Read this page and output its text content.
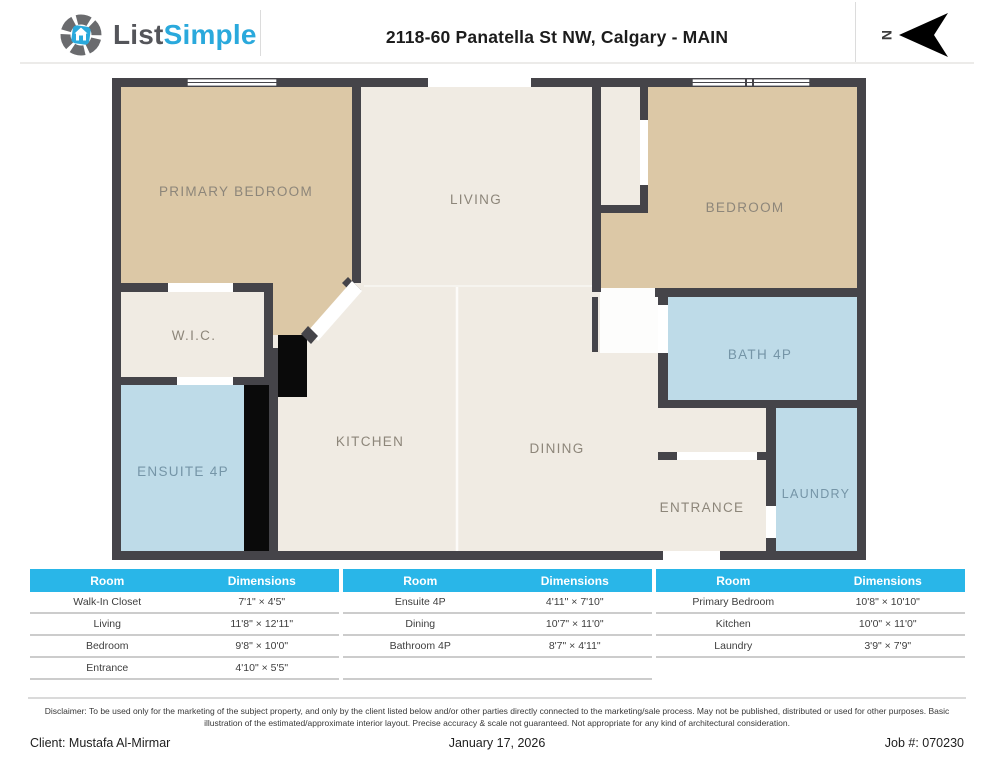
ListSimple	2118-60 Panatella St NW, Calgary - MAIN	N
PRIMARY BEDROOM
LIVING
BEDROOM
W.I.C.
ENSUITE 4P
KITCHEN	DINING
BATH 4P
LAUNDRY
ENTRANCE
Room	Dimensions
Walk-In Closet	7'1" × 4'5"
Living	11'8" × 12'11"
Bedroom	9'8" × 10'0"
Entrance	4'10" × 5'5"
Room	Dimensions
Ensuite 4P	4'11" × 7'10"
Dining	10'7" × 11'0"
Bathroom 4P	8'7" × 4'11"
Room	Dimensions
Primary Bedroom	10'8" × 10'10"
Kitchen	10'0" × 11'0"
Laundry	3'9" × 7'9"
Disclaimer: To be used only for the marketing of the subject property, and only by the client listed below and/or other parties directly connected to the marketing/sale process. May not be published, distributed or used for other purposes. Basic illustration of the estimated/approximate interior layout. Precise accuracy & scale not guaranteed. Not appropriate for any kind of architectural consideration.
Client: Mustafa Al-Mirmar	January 17, 2026	Job #: 070230
